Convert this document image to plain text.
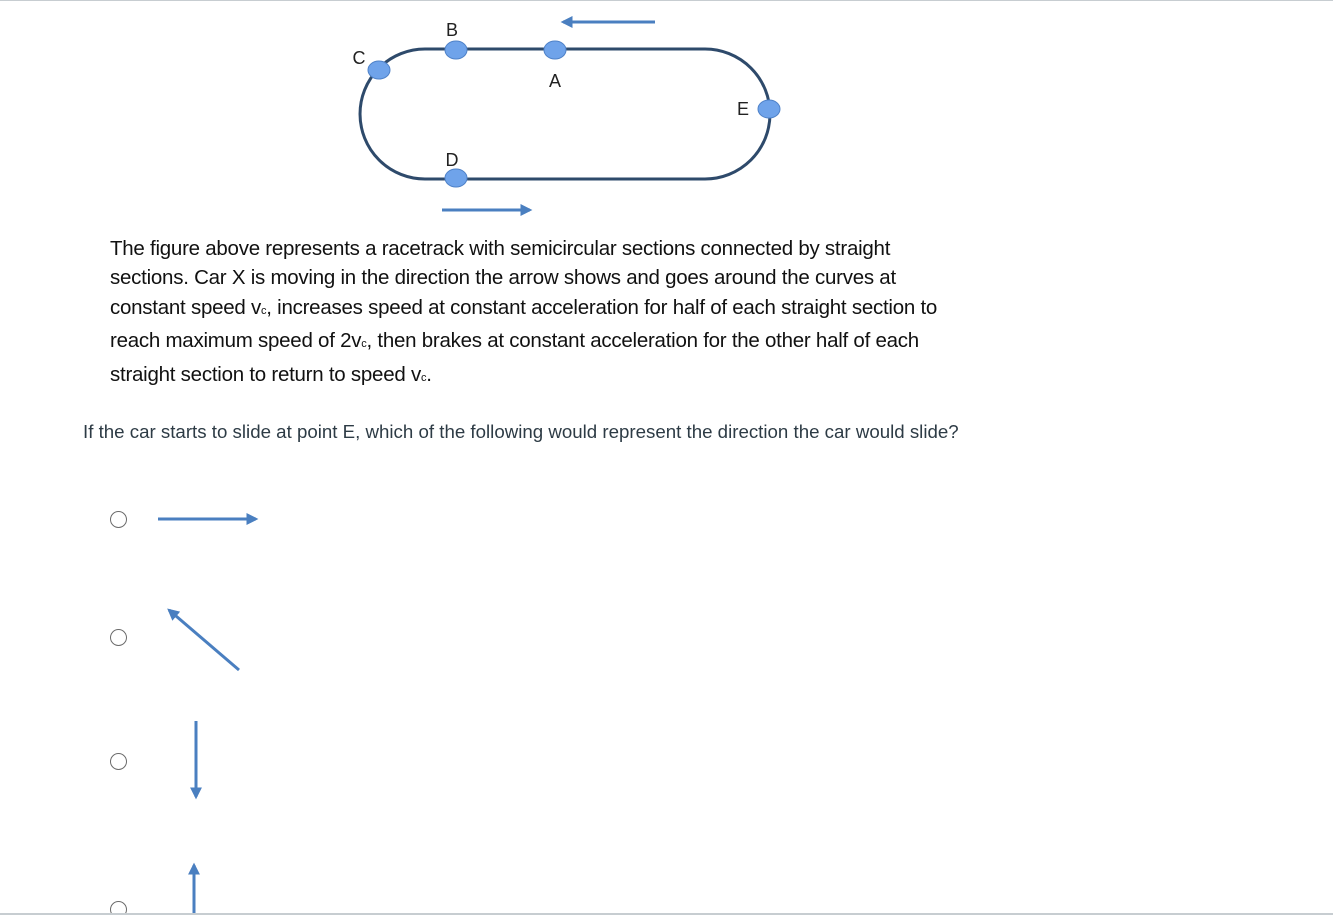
A
B
C
D
E
The figure above represents a racetrack with semicircular sections connected by straight
sections. Car X is moving in the direction the arrow shows and goes around the curves at
constant speed vc, increases speed at constant acceleration for half of each straight section to
reach maximum speed of 2vc, then brakes at constant acceleration for the other half of each
straight section to return to speed vc.
If the car starts to slide at point E, which of the following would represent the direction the car would slide?
